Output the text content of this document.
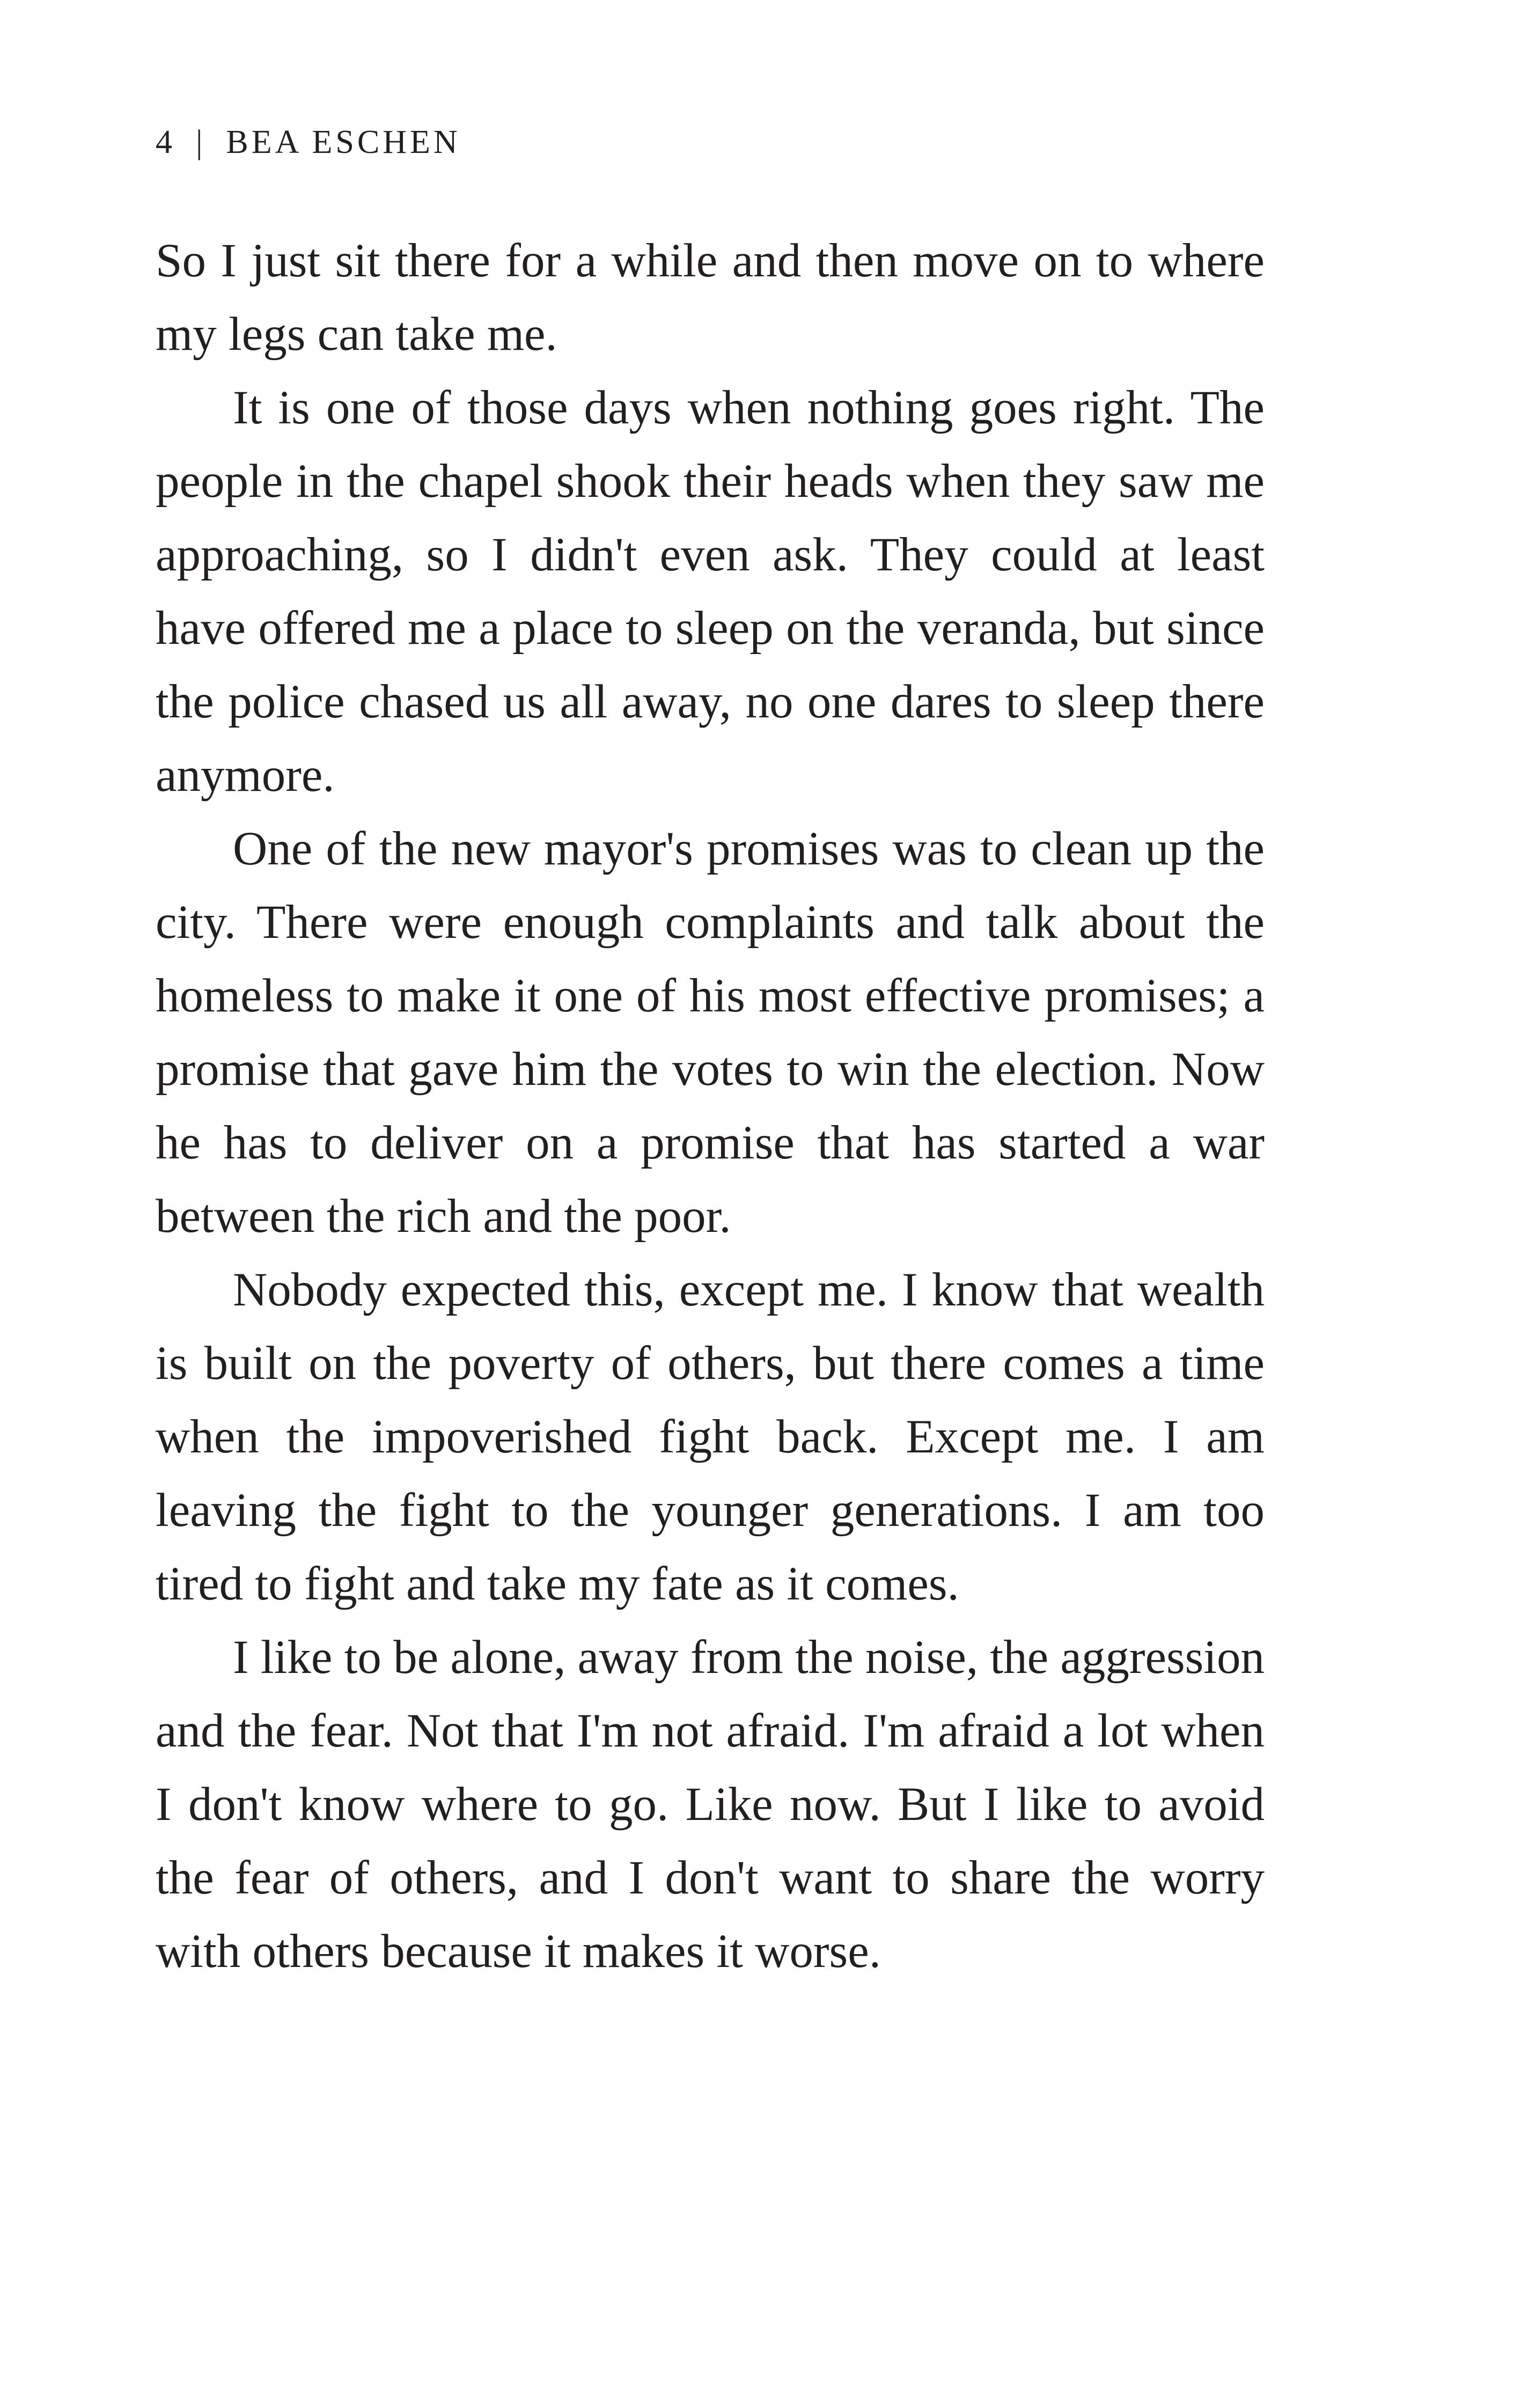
4 | BEA ESCHEN

So I just sit there for a while and then move on to where my legs can take me.

It is one of those days when nothing goes right. The people in the chapel shook their heads when they saw me approaching, so I didn't even ask. They could at least have offered me a place to sleep on the veranda, but since the police chased us all away, no one dares to sleep there anymore.

One of the new mayor's promises was to clean up the city. There were enough complaints and talk about the homeless to make it one of his most effective promises; a promise that gave him the votes to win the election. Now he has to deliver on a promise that has started a war between the rich and the poor.

Nobody expected this, except me. I know that wealth is built on the poverty of others, but there comes a time when the impoverished fight back. Except me. I am leaving the fight to the younger generations. I am too tired to fight and take my fate as it comes.

I like to be alone, away from the noise, the aggression and the fear. Not that I'm not afraid. I'm afraid a lot when I don't know where to go. Like now. But I like to avoid the fear of others, and I don't want to share the worry with others because it makes it worse.
